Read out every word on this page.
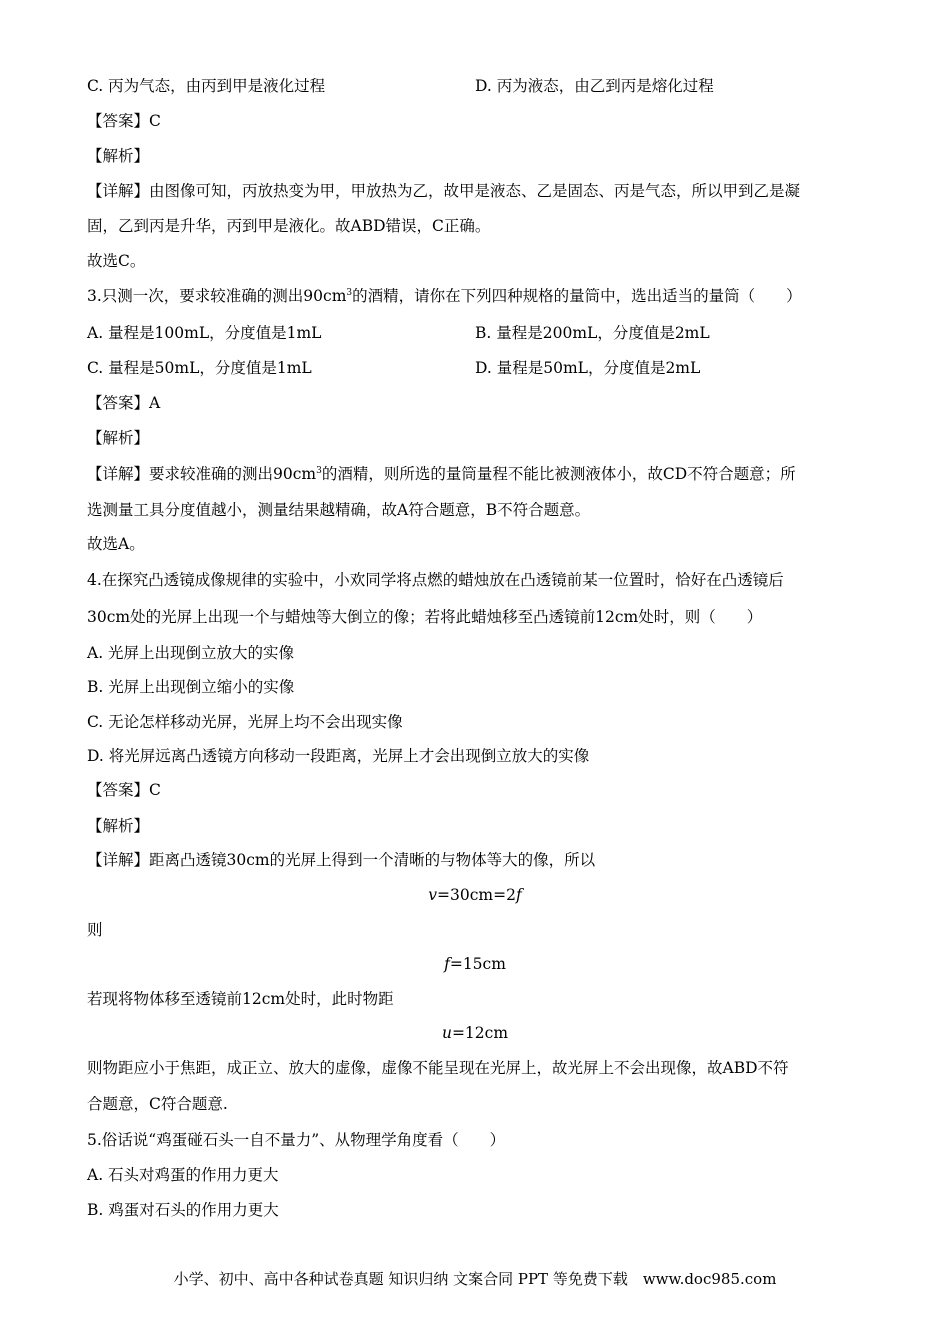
C. 丙为气态，由丙到甲是液化过程	D. 丙为液态，由乙到丙是熔化过程
【答案】C
【解析】
【详解】由图像可知，丙放热变为甲，甲放热为乙，故甲是液态、乙是固态、丙是气态，所以甲到乙是凝
固，乙到丙是升华，丙到甲是液化。故ABD错误，C正确。
故选C。
3.只测一次，要求较准确的测出$90cm^3$的酒精，请你在下列四种规格的量筒中，选出适当的量筒（　　）
A. 量程是100mL，分度值是1mL	B. 量程是200mL，分度值是2mL
C. 量程是50mL，分度值是1mL	D. 量程是50mL，分度值是2mL
【答案】A
【解析】
【详解】要求较准确的测出$90cm^3$的酒精，则所选的量筒量程不能比被测液体小，故CD不符合题意；所
选测量工具分度值越小，测量结果越精确，故A符合题意，B不符合题意。
故选A。
4.在探究凸透镜成像规律的实验中，小欢同学将点燃的蜡烛放在凸透镜前某一位置时，恰好在凸透镜后
30cm处的光屏上出现一个与蜡烛等大倒立的像；若将此蜡烛移至凸透镜前12cm处时，则（　　）
A. 光屏上出现倒立放大的实像
B. 光屏上出现倒立缩小的实像
C. 无论怎样移动光屏，光屏上均不会出现实像
D. 将光屏远离凸透镜方向移动一段距离，光屏上才会出现倒立放大的实像
【答案】C
【解析】
【详解】距离凸透镜30cm的光屏上得到一个清晰的与物体等大的像，所以
v=30cm=2f
则
f=15cm
若现将物体移至透镜前12cm处时，此时物距
u=12cm
则物距应小于焦距，成正立、放大的虚像，虚像不能呈现在光屏上，故光屏上不会出现像，故ABD不符
合题意，C符合题意.
5.俗话说“鸡蛋碰石头一自不量力”、从物理学角度看（　　）
A. 石头对鸡蛋的作用力更大
B. 鸡蛋对石头的作用力更大
小学、初中、高中各种试卷真题 知识归纳 文案合同 PPT 等免费下载　www.doc985.com
